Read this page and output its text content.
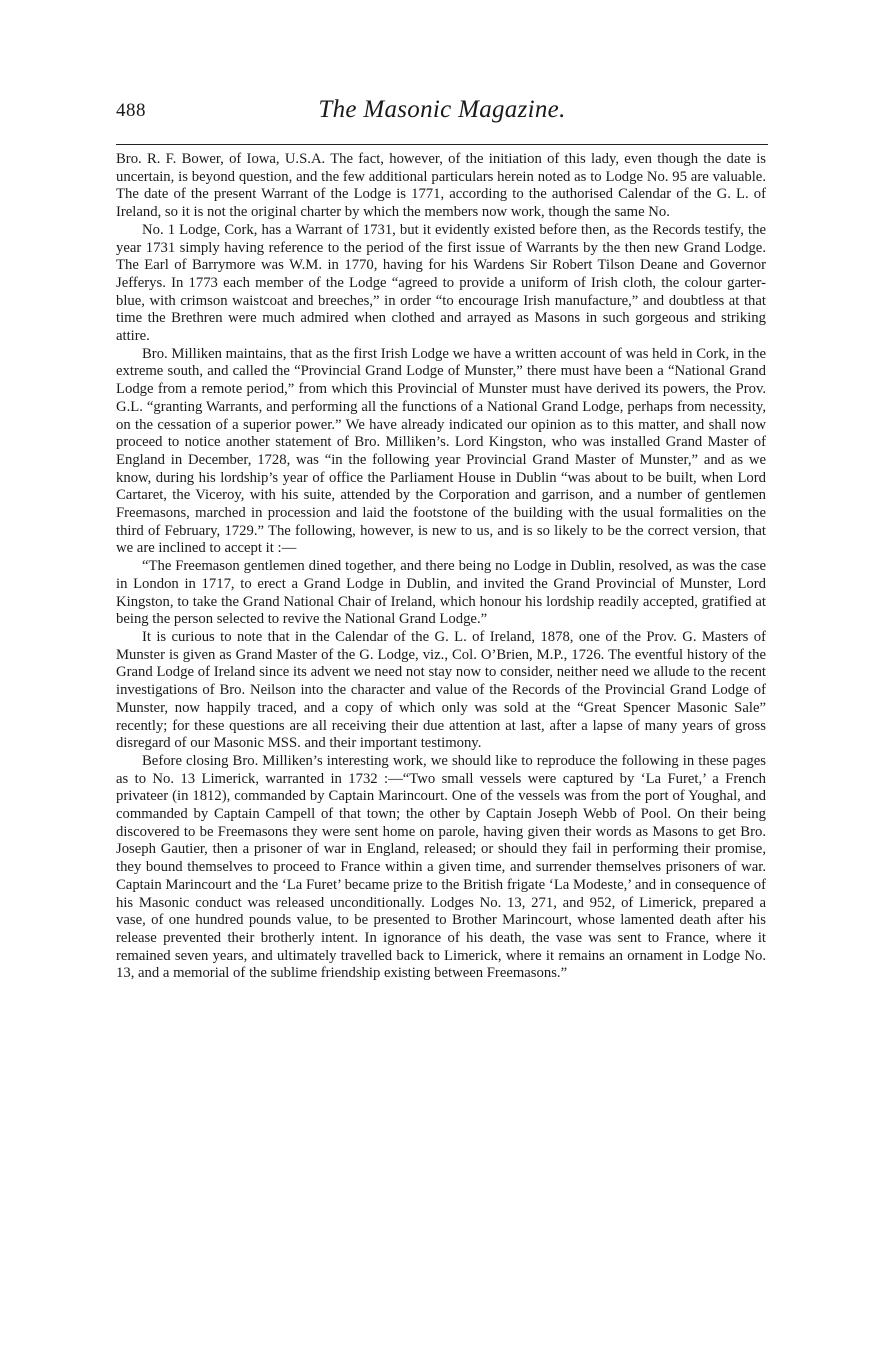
488	The Masonic Magazine.

Bro. R. F. Bower, of Iowa, U.S.A. The fact, however, of the initiation of this lady, even though the date is uncertain, is beyond question, and the few additional particulars herein noted as to Lodge No. 95 are valuable. The date of the present Warrant of the Lodge is 1771, according to the authorised Calendar of the G. L. of Ireland, so it is not the original charter by which the members now work, though the same No.

No. 1 Lodge, Cork, has a Warrant of 1731, but it evidently existed before then, as the Records testify, the year 1731 simply having reference to the period of the first issue of Warrants by the then new Grand Lodge. The Earl of Barrymore was W.M. in 1770, having for his Wardens Sir Robert Tilson Deane and Governor Jefferys. In 1773 each member of the Lodge “agreed to provide a uniform of Irish cloth, the colour garter-blue, with crimson waistcoat and breeches,” in order “to encourage Irish manufacture,” and doubtless at that time the Brethren were much admired when clothed and arrayed as Masons in such gorgeous and striking attire.

Bro. Milliken maintains, that as the first Irish Lodge we have a written account of was held in Cork, in the extreme south, and called the “Provincial Grand Lodge of Munster,” there must have been a “National Grand Lodge from a remote period,” from which this Provincial of Munster must have derived its powers, the Prov. G.L. “granting Warrants, and performing all the functions of a National Grand Lodge, perhaps from necessity, on the cessation of a superior power.” We have already indicated our opinion as to this matter, and shall now proceed to notice another statement of Bro. Milliken’s. Lord Kingston, who was installed Grand Master of England in December, 1728, was “in the following year Provincial Grand Master of Munster,” and as we know, during his lordship’s year of office the Parliament House in Dublin “was about to be built, when Lord Cartaret, the Viceroy, with his suite, attended by the Corporation and garrison, and a number of gentlemen Freemasons, marched in procession and laid the footstone of the building with the usual formalities on the third of February, 1729.” The following, however, is new to us, and is so likely to be the correct version, that we are inclined to accept it :—

“The Freemason gentlemen dined together, and there being no Lodge in Dublin, resolved, as was the case in London in 1717, to erect a Grand Lodge in Dublin, and invited the Grand Provincial of Munster, Lord Kingston, to take the Grand National Chair of Ireland, which honour his lordship readily accepted, gratified at being the person selected to revive the National Grand Lodge.”

It is curious to note that in the Calendar of the G. L. of Ireland, 1878, one of the Prov. G. Masters of Munster is given as Grand Master of the G. Lodge, viz., Col. O’Brien, M.P., 1726. The eventful history of the Grand Lodge of Ireland since its advent we need not stay now to consider, neither need we allude to the recent investigations of Bro. Neilson into the character and value of the Records of the Provincial Grand Lodge of Munster, now happily traced, and a copy of which only was sold at the “Great Spencer Masonic Sale” recently; for these questions are all receiving their due attention at last, after a lapse of many years of gross disregard of our Masonic MSS. and their important testimony.

Before closing Bro. Milliken’s interesting work, we should like to reproduce the following in these pages as to No. 13 Limerick, warranted in 1732 :—“Two small vessels were captured by ‘La Furet,’ a French privateer (in 1812), commanded by Captain Marincourt. One of the vessels was from the port of Youghal, and commanded by Captain Campell of that town; the other by Captain Joseph Webb of Pool. On their being discovered to be Freemasons they were sent home on parole, having given their words as Masons to get Bro. Joseph Gautier, then a prisoner of war in England, released; or should they fail in performing their promise, they bound themselves to proceed to France within a given time, and surrender themselves prisoners of war. Captain Marincourt and the ‘La Furet’ became prize to the British frigate ‘La Modeste,’ and in consequence of his Masonic conduct was released unconditionally. Lodges No. 13, 271, and 952, of Limerick, prepared a vase, of one hundred pounds value, to be presented to Brother Marincourt, whose lamented death after his release prevented their brotherly intent. In ignorance of his death, the vase was sent to France, where it remained seven years, and ultimately travelled back to Limerick, where it remains an ornament in Lodge No. 13, and a memorial of the sublime friendship existing between Freemasons.”
